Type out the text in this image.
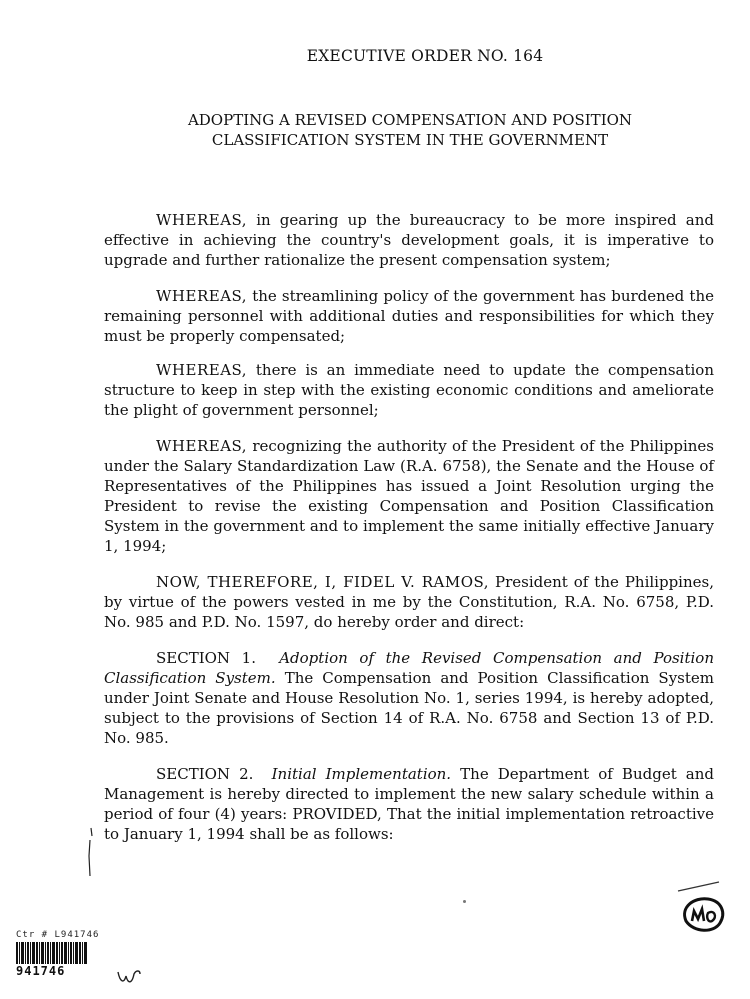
EXECUTIVE ORDER NO. 164
ADOPTING A REVISED COMPENSATION AND POSITION
CLASSIFICATION SYSTEM IN THE GOVERNMENT

WHEREAS, in gearing up the bureaucracy to be more inspired and effective in achieving the country's development goals, it is imperative to upgrade and further rationalize the present compensation system;

WHEREAS, the streamlining policy of the government has burdened the remaining personnel with additional duties and responsibilities for which they must be properly compensated;

WHEREAS, there is an immediate need to update the compensation structure to keep in step with the existing economic conditions and ameliorate the plight of government personnel;

WHEREAS, recognizing the authority of the President of the Philippines under the Salary Standardization Law (R.A. 6758), the Senate and the House of Representatives of the Philippines has issued a Joint Resolution urging the President to revise the existing Compensation and Position Classification System in the government and to implement the same initially effective January 1, 1994;

NOW, THEREFORE, I, FIDEL V. RAMOS, President of the Philippines, by virtue of the powers vested in me by the Constitution, R.A. No. 6758, P.D. No. 985 and P.D. No. 1597, do hereby order and direct:

SECTION 1. Adoption of the Revised Compensation and Position Classification System. The Compensation and Position Classification System under Joint Senate and House Resolution No. 1, series 1994, is hereby adopted, subject to the provisions of Section 14 of R.A. No. 6758 and Section 13 of P.D. No. 985.

SECTION 2. Initial Implementation. The Department of Budget and Management is hereby directed to implement the new salary schedule within a period of four (4) years: PROVIDED, That the initial implementation retroactive to January 1, 1994 shall be as follows:

Ctr # L941746
941746
